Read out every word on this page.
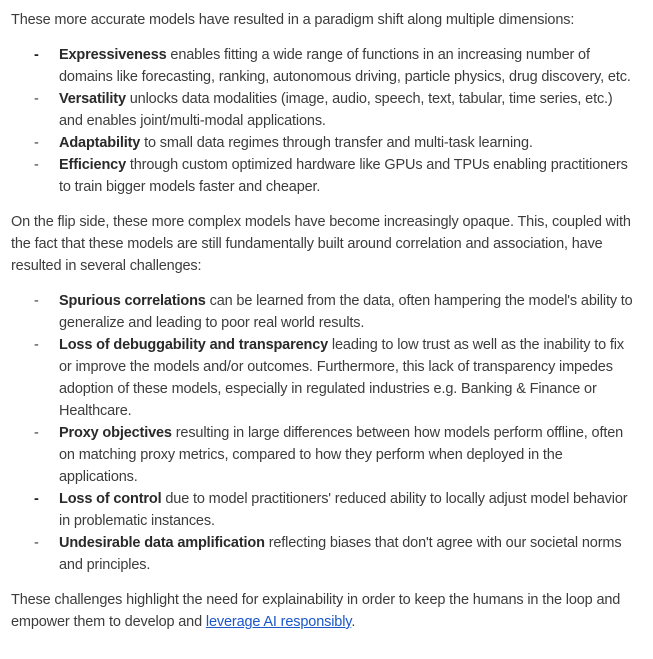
These more accurate models have resulted in a paradigm shift along multiple dimensions:

- Expressiveness enables fitting a wide range of functions in an increasing number of domains like forecasting, ranking, autonomous driving, particle physics, drug discovery, etc.
- Versatility unlocks data modalities (image, audio, speech, text, tabular, time series, etc.) and enables joint/multi-modal applications.
- Adaptability to small data regimes through transfer and multi-task learning.
- Efficiency through custom optimized hardware like GPUs and TPUs enabling practitioners to train bigger models faster and cheaper.

On the flip side, these more complex models have become increasingly opaque. This, coupled with the fact that these models are still fundamentally built around correlation and association, have resulted in several challenges:

- Spurious correlations can be learned from the data, often hampering the model's ability to generalize and leading to poor real world results.
- Loss of debuggability and transparency leading to low trust as well as the inability to fix or improve the models and/or outcomes. Furthermore, this lack of transparency impedes adoption of these models, especially in regulated industries e.g. Banking & Finance or Healthcare.
- Proxy objectives resulting in large differences between how models perform offline, often on matching proxy metrics, compared to how they perform when deployed in the applications.
- Loss of control due to model practitioners' reduced ability to locally adjust model behavior in problematic instances.
- Undesirable data amplification reflecting biases that don't agree with our societal norms and principles.

These challenges highlight the need for explainability in order to keep the humans in the loop and empower them to develop and leverage AI responsibly.
